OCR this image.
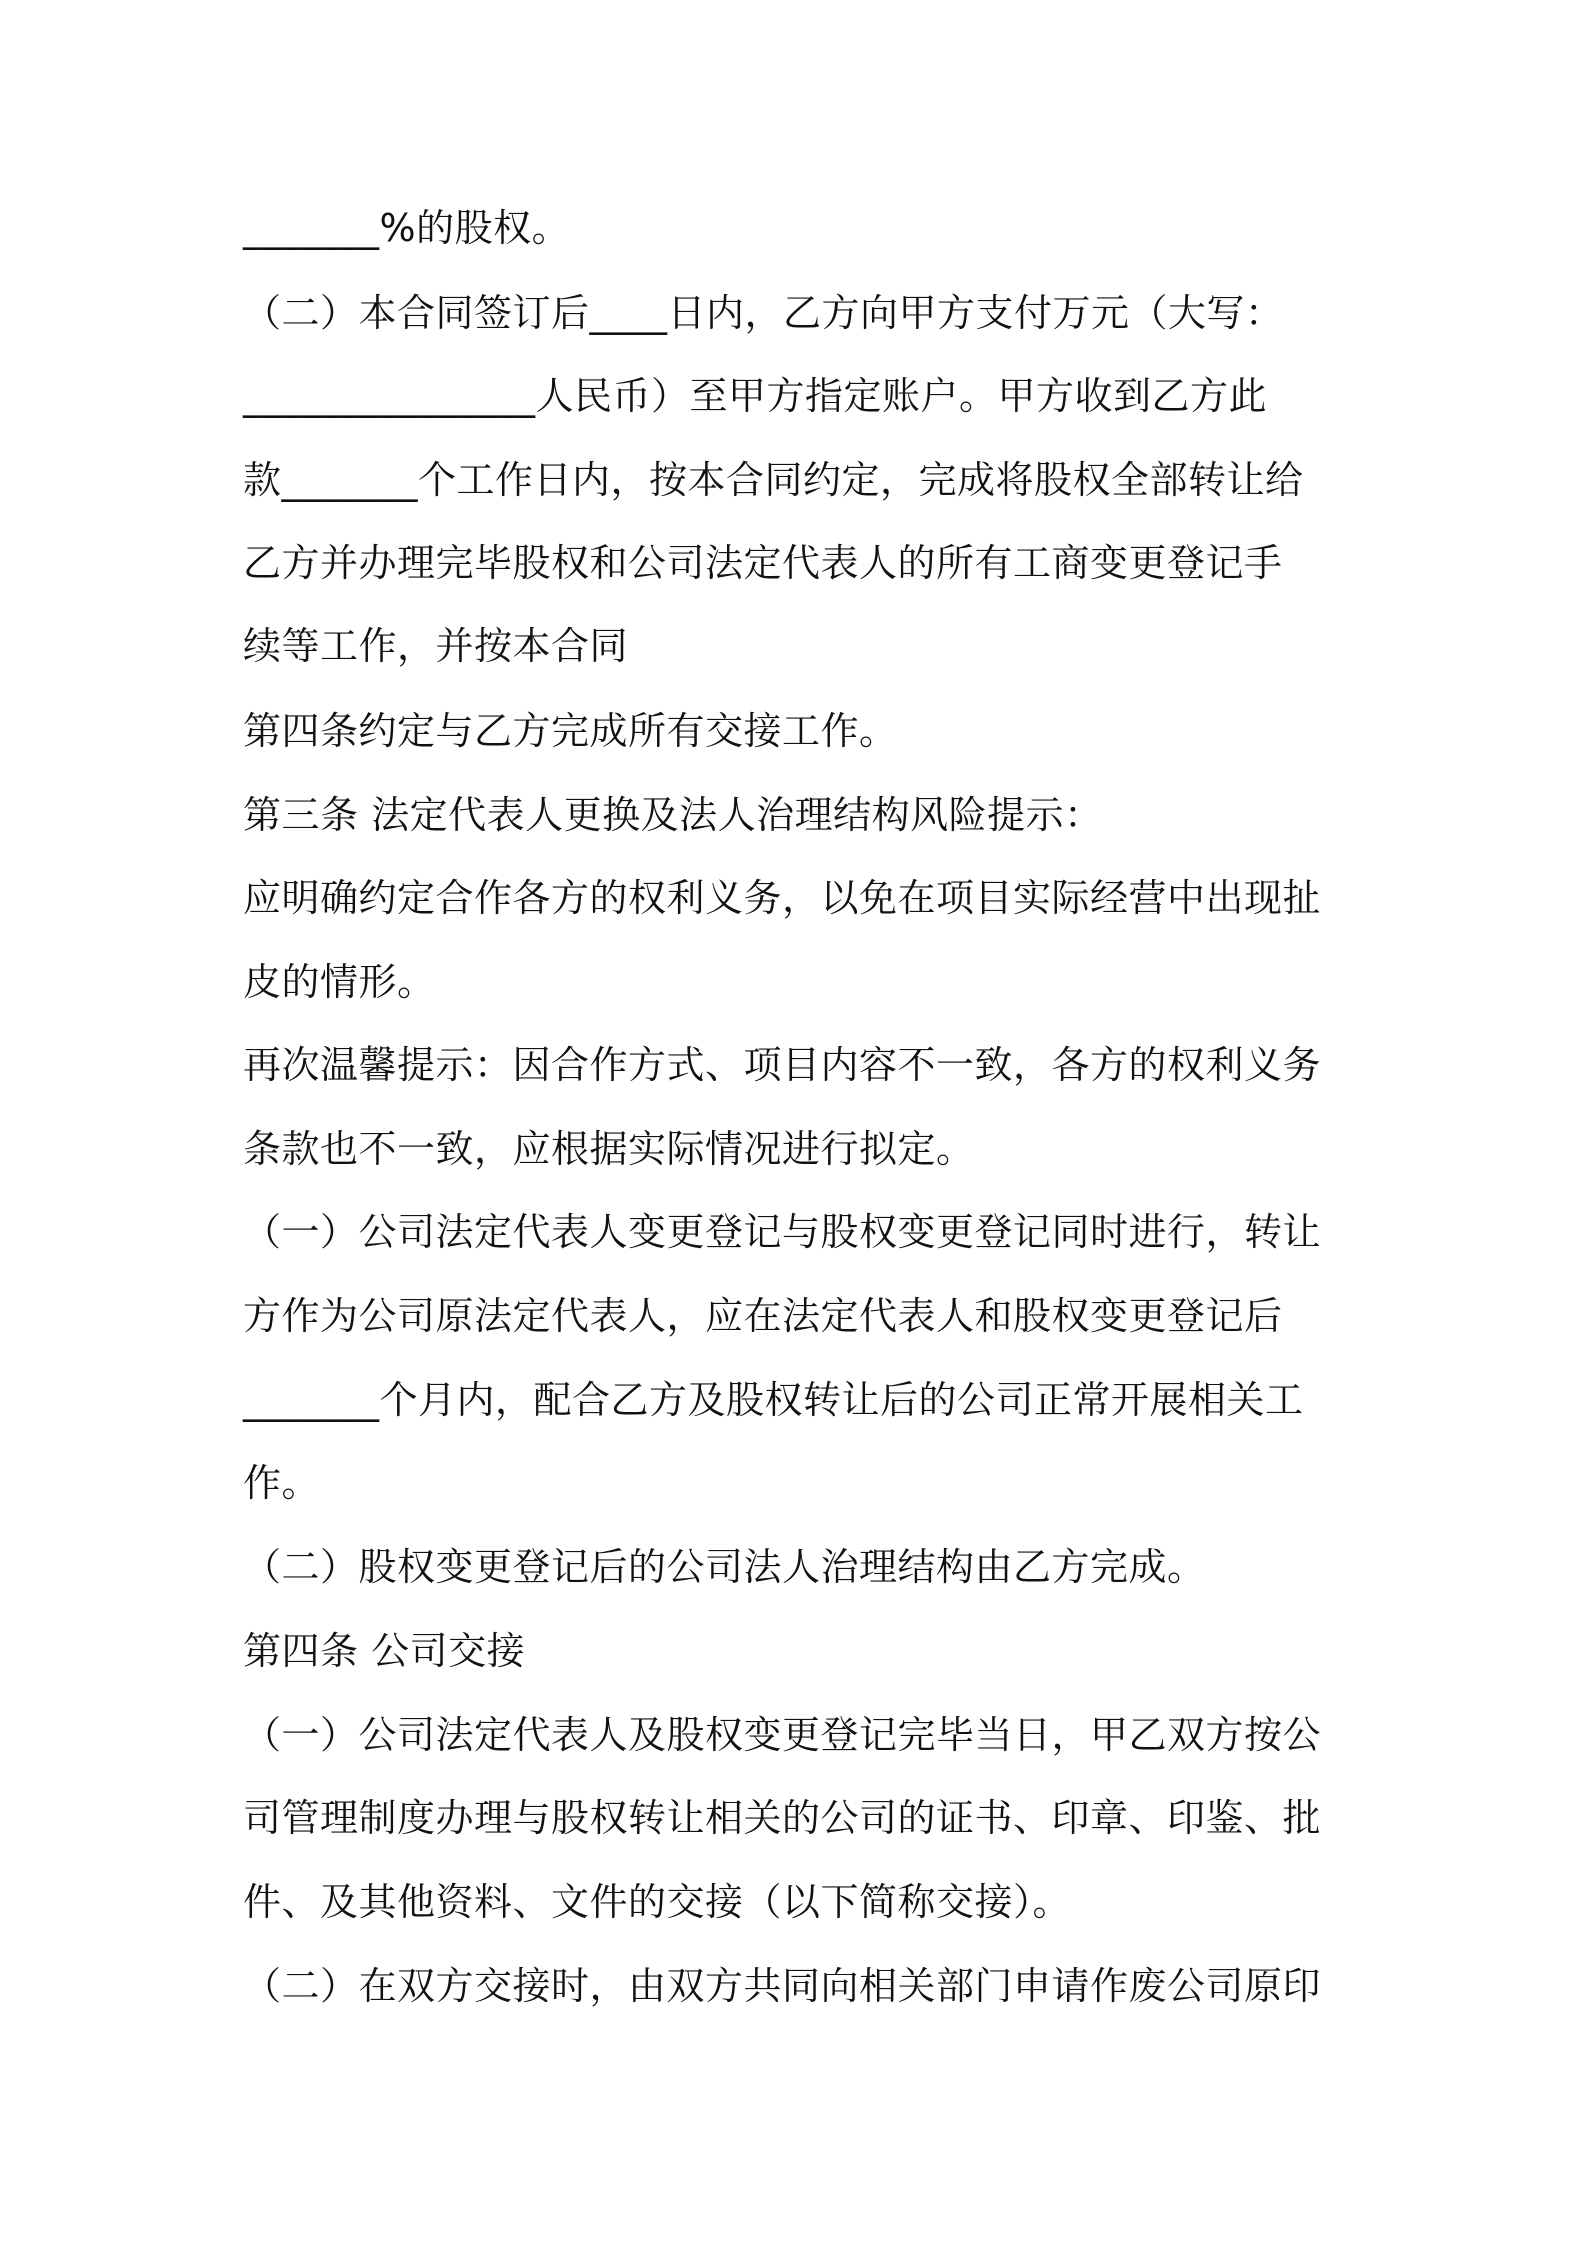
_______%的股权。
（二）本合同签订后____日内，乙方向甲方支付万元（大写：
_______________人民币）至甲方指定账户。甲方收到乙方此
款_______个工作日内，按本合同约定，完成将股权全部转让给
乙方并办理完毕股权和公司法定代表人的所有工商变更登记手
续等工作，并按本合同
第四条约定与乙方完成所有交接工作。
第三条 法定代表人更换及法人治理结构风险提示：
应明确约定合作各方的权利义务，以免在项目实际经营中出现扯
皮的情形。
再次温馨提示：因合作方式、项目内容不一致，各方的权利义务
条款也不一致，应根据实际情况进行拟定。
（一）公司法定代表人变更登记与股权变更登记同时进行，转让
方作为公司原法定代表人，应在法定代表人和股权变更登记后
_______个月内，配合乙方及股权转让后的公司正常开展相关工
作。
（二）股权变更登记后的公司法人治理结构由乙方完成。
第四条 公司交接
（一）公司法定代表人及股权变更登记完毕当日，甲乙双方按公
司管理制度办理与股权转让相关的公司的证书、印章、印鉴、批
件、及其他资料、文件的交接（以下简称交接）。
（二）在双方交接时，由双方共同向相关部门申请作废公司原印
